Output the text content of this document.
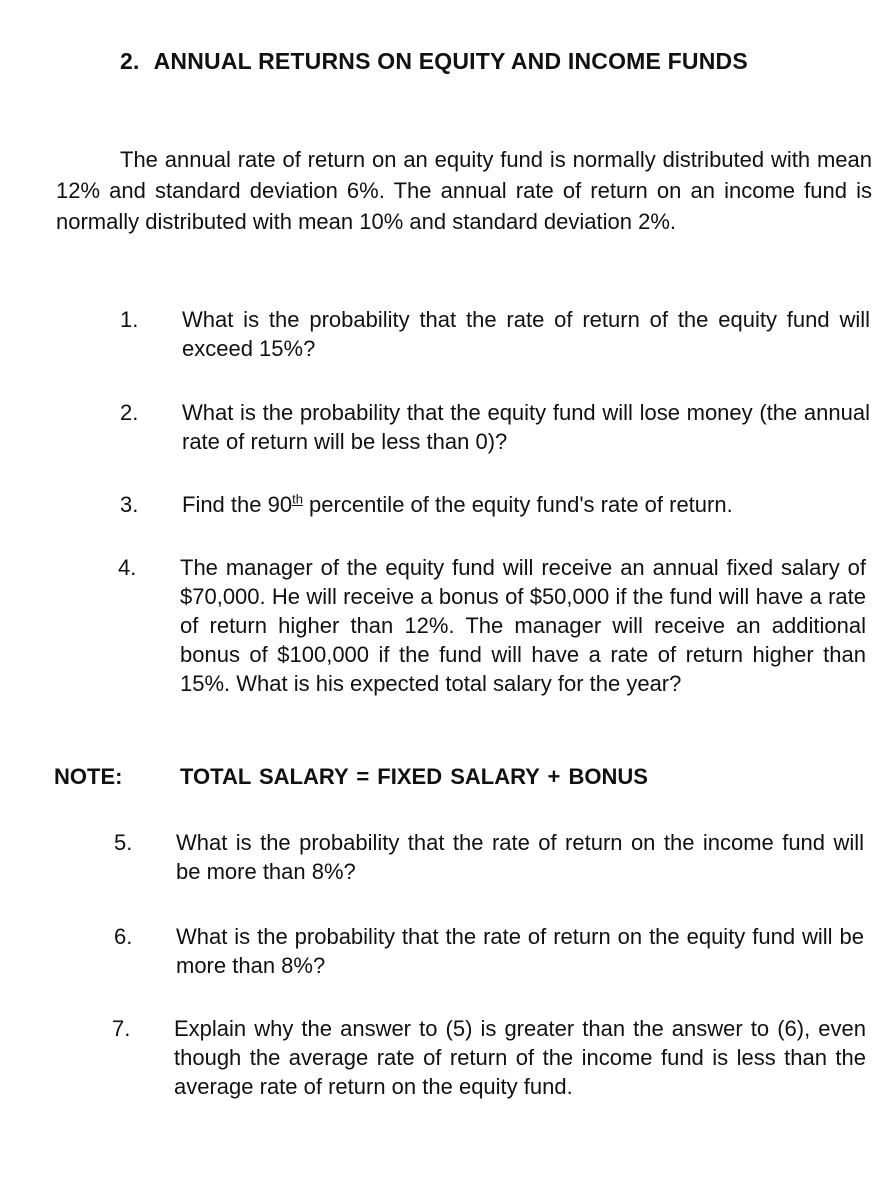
2. ANNUAL RETURNS ON EQUITY AND INCOME FUNDS
The annual rate of return on an equity fund is normally distributed with mean 12% and standard deviation 6%. The annual rate of return on an income fund is normally distributed with mean 10% and standard deviation 2%.
1. What is the probability that the rate of return of the equity fund will exceed 15%?
2. What is the probability that the equity fund will lose money (the annual rate of return will be less than 0)?
3. Find the 90th percentile of the equity fund's rate of return.
4. The manager of the equity fund will receive an annual fixed salary of $70,000. He will receive a bonus of $50,000 if the fund will have a rate of return higher than 12%. The manager will receive an additional bonus of $100,000 if the fund will have a rate of return higher than 15%. What is his expected total salary for the year?
NOTE:	TOTAL SALARY = FIXED SALARY + BONUS
5. What is the probability that the rate of return on the income fund will be more than 8%?
6. What is the probability that the rate of return on the equity fund will be more than 8%?
7. Explain why the answer to (5) is greater than the answer to (6), even though the average rate of return of the income fund is less than the average rate of return on the equity fund.
